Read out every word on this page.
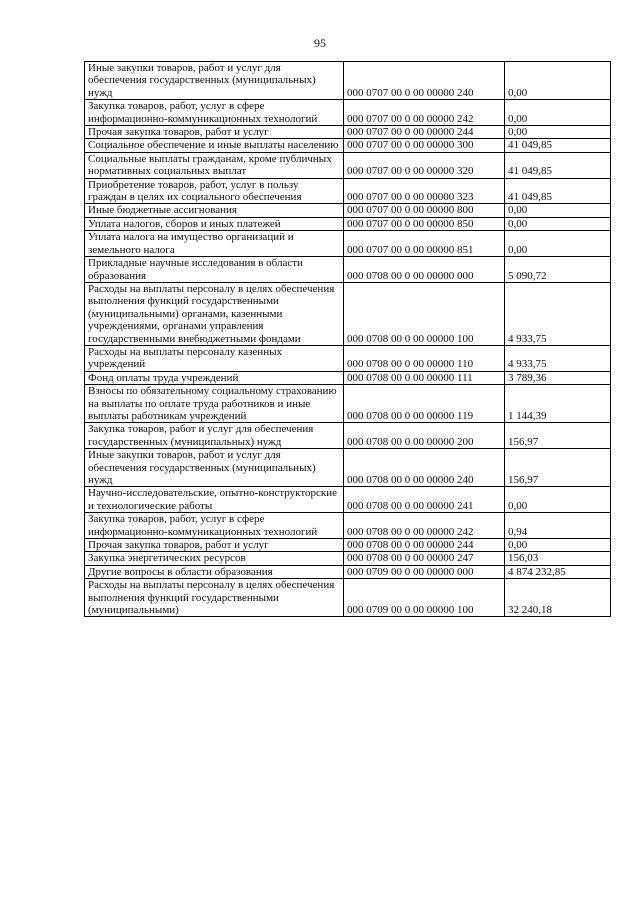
95
Иные закупки товаров, работ и услуг для обеспечения государственных (муниципальных) нужд	000 0707 00 0 00 00000 240	0,00
Закупка товаров, работ, услуг в сфере информационно-коммуникационных технологий	000 0707 00 0 00 00000 242	0,00
Прочая закупка товаров, работ и услуг	000 0707 00 0 00 00000 244	0,00
Социальное обеспечение и иные выплаты населению	000 0707 00 0 00 00000 300	41 049,85
Социальные выплаты гражданам, кроме публичных нормативных социальных выплат	000 0707 00 0 00 00000 320	41 049,85
Приобретение товаров, работ, услуг в пользу граждан в целях их социального обеспечения	000 0707 00 0 00 00000 323	41 049,85
Иные бюджетные ассигнования	000 0707 00 0 00 00000 800	0,00
Уплата налогов, сборов и иных платежей	000 0707 00 0 00 00000 850	0,00
Уплата налога на имущество организаций и земельного налога	000 0707 00 0 00 00000 851	0,00
Прикладные научные исследования в области образования	000 0708 00 0 00 00000 000	5 090,72
Расходы на выплаты персоналу в целях обеспечения выполнения функций государственными (муниципальными) органами, казенными учреждениями, органами управления государственными внебюджетными фондами	000 0708 00 0 00 00000 100	4 933,75
Расходы на выплаты персоналу казенных учреждений	000 0708 00 0 00 00000 110	4 933,75
Фонд оплаты труда учреждений	000 0708 00 0 00 00000 111	3 789,36
Взносы по обязательному социальному страхованию на выплаты по оплате труда работников и иные выплаты работникам учреждений	000 0708 00 0 00 00000 119	1 144,39
Закупка товаров, работ и услуг для обеспечения государственных (муниципальных) нужд	000 0708 00 0 00 00000 200	156,97
Иные закупки товаров, работ и услуг для обеспечения государственных (муниципальных) нужд	000 0708 00 0 00 00000 240	156,97
Научно-исследовательские, опытно-конструкторские и технологические работы	000 0708 00 0 00 00000 241	0,00
Закупка товаров, работ, услуг в сфере информационно-коммуникационных технологий	000 0708 00 0 00 00000 242	0,94
Прочая закупка товаров, работ и услуг	000 0708 00 0 00 00000 244	0,00
Закупка энергетических ресурсов	000 0708 00 0 00 00000 247	156,03
Другие вопросы в области образования	000 0709 00 0 00 00000 000	4 874 232,85
Расходы на выплаты персоналу в целях обеспечения выполнения функций государственными (муниципальными)	000 0709 00 0 00 00000 100	32 240,18
